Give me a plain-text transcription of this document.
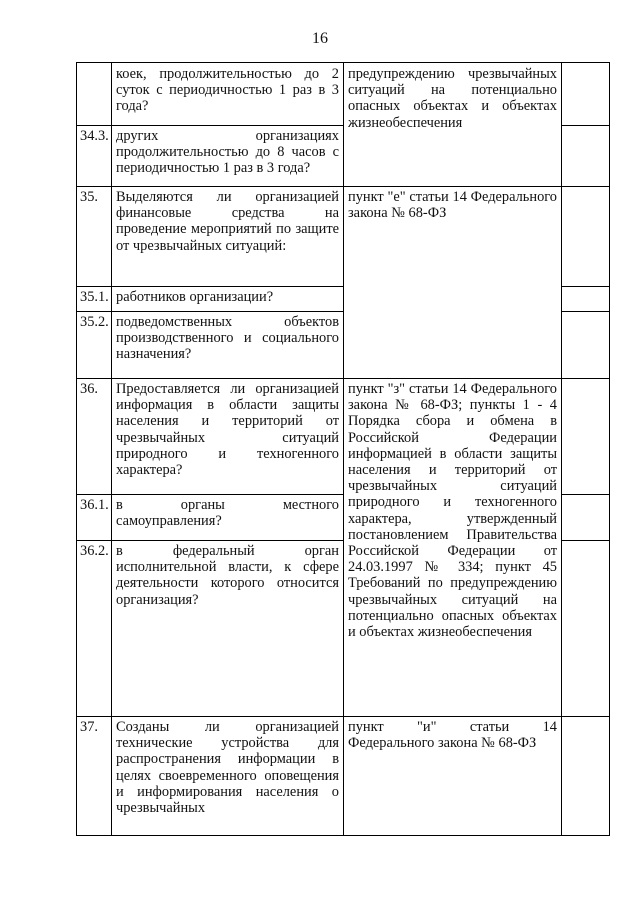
16
коек, продолжительностью до 2 суток с периодичностью 1 раз в 3 года?
34.3. других организациях продолжительностью до 8 часов с периодичностью 1 раз в 3 года?
предупреждению чрезвычайных ситуаций на потенциально опасных объектах и объектах жизнеобеспечения
35.	Выделяются ли организацией финансовые средства на проведение мероприятий по защите от чрезвычайных ситуаций:
35.1. работников организации?
35.2. подведомственных объектов производственного и социального назначения?
пункт "е" статьи 14 Федерального закона № 68-ФЗ
36.	Предоставляется ли организацией информация в области защиты населения и территорий от чрезвычайных ситуаций природного и техногенного характера?
36.1. в органы местного самоуправления?
36.2. в федеральный орган исполнительной власти, к сфере деятельности которого относится организация?
пункт "з" статьи 14 Федерального закона № 68-ФЗ; пункты 1 - 4 Порядка сбора и обмена в Российской Федерации информацией в области защиты населения и территорий от чрезвычайных ситуаций природного и техногенного характера, утвержденный постановлением Правительства Российской Федерации от 24.03.1997 № 334; пункт 45 Требований по предупреждению чрезвычайных ситуаций на потенциально опасных объектах и объектах жизнеобеспечения
37.	Созданы ли организацией технические устройства для распространения информации в целях своевременного оповещения и информирования населения о чрезвычайных
пункт "и" статьи 14 Федерального закона № 68-ФЗ
